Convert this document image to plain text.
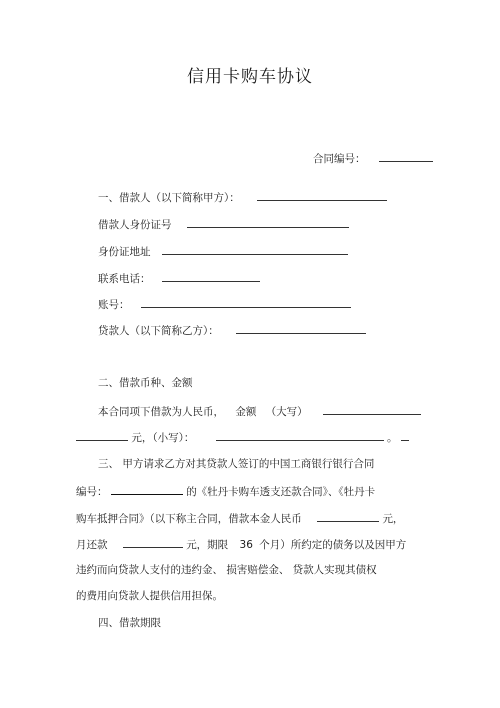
信用卡购车协议
合同编号：
一、借款人（以下简称甲方）：
借款人身份证号
身份证地址
联系电话：
账号：
贷款人（以下简称乙方）：
二、借款币种、金额
本合同项下借款为人民币， 金额 （大写）
元，（小写）：	。
三、 甲方请求乙方对其贷款人签订的中国工商银行银行合同
编号：	的《牡丹卡购车透支还款合同》、《牡丹卡
购车抵押合同》（以下称主合同，借款本金人民币	元，
月还款	元，期限 36 个月）所约定的债务以及因甲方
违约而向贷款人支付的违约金、 损害赔偿金、 贷款人实现其债权
的费用向贷款人提供信用担保。
四、借款期限
